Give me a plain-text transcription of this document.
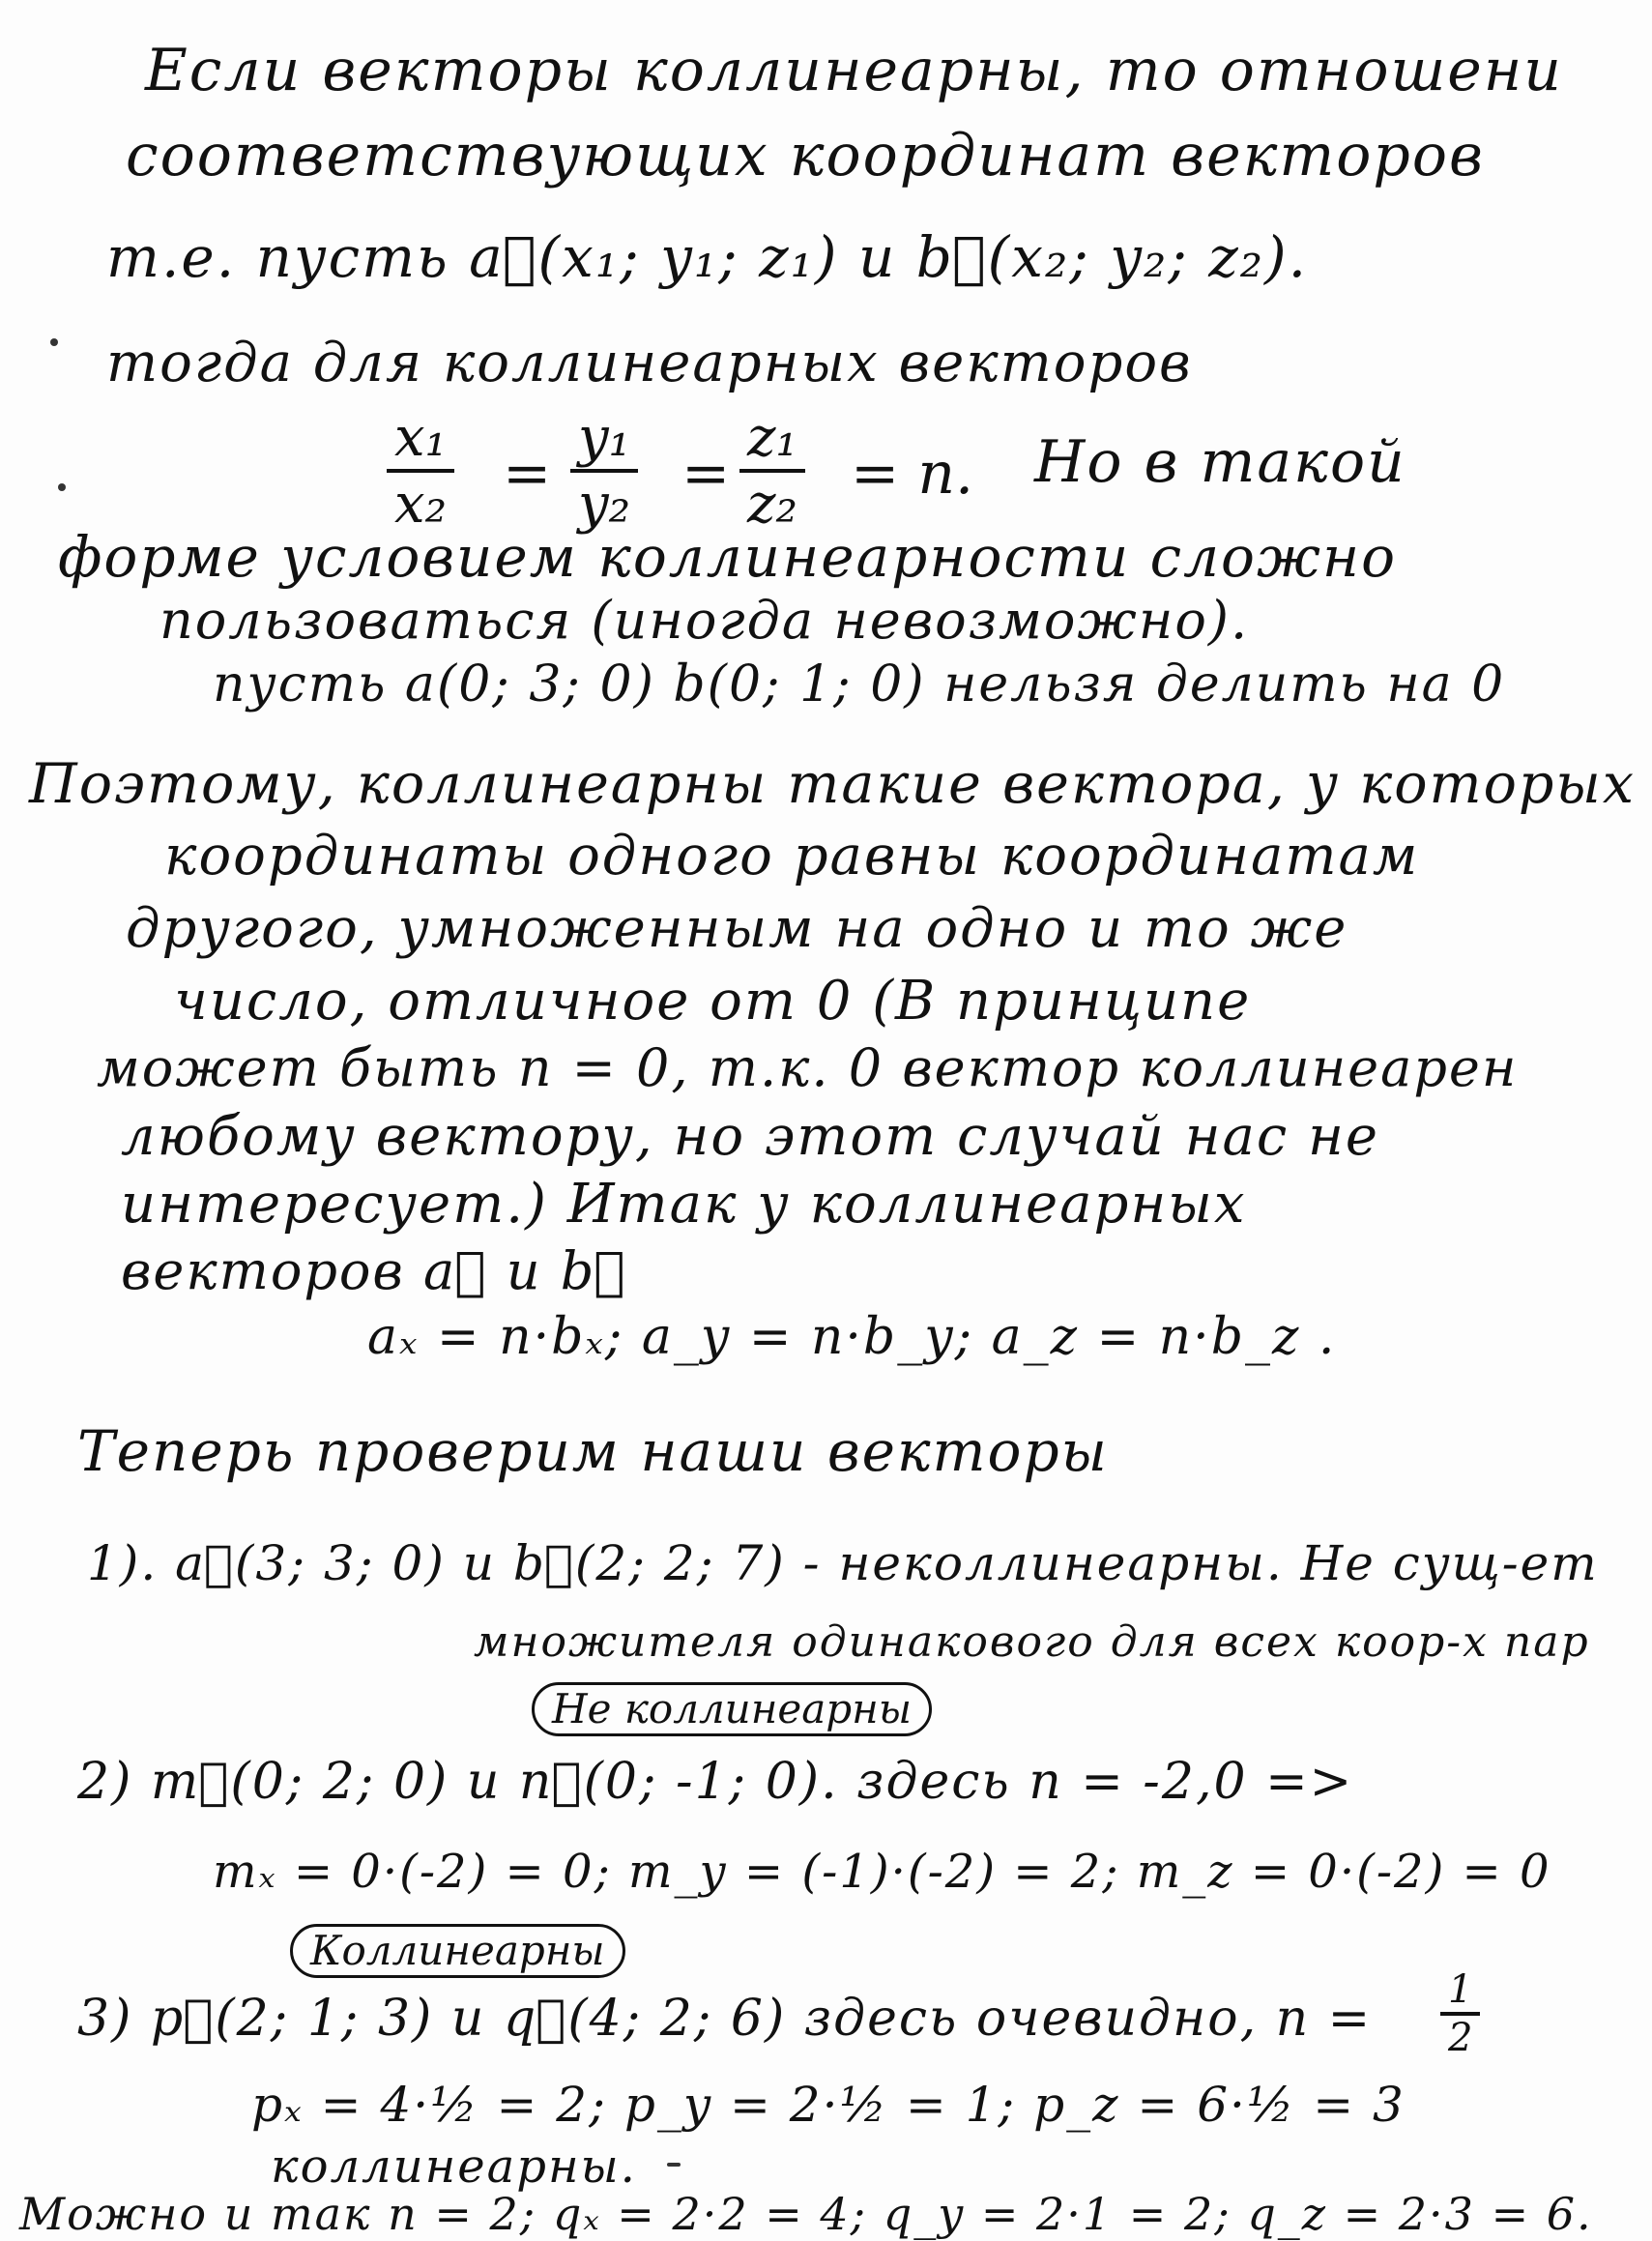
Если векторы коллинеарны, то отношени
соответствующих координат векторов
т.е. пусть a⃗(x₁; y₁; z₁) и b⃗(x₂; y₂; z₂).
тогда для коллинеарных векторов
$\frac{\text{x₁}}{\text{x₂}} = \frac{\text{y₁}}{\text{y₂}} = \frac{\text{z₁}}{\text{z₂}} = n$. Но в такой
форме условием коллинеарности сложно
пользоваться (иногда невозможно).
пусть a(0; 3; 0) b(0; 1; 0) нельзя делить на 0
Поэтому, коллинеарны такие вектора, у которых
координаты одного равны координатам
другого, умноженным на одно и то же
число, отличное от 0 (В принципе
может быть n = 0, т.к. 0 вектор коллинеарен
любому вектору, но этот случай нас не
интересует.) Итак у коллинеарных
векторов a⃗ и b⃗
aₓ = n·bₓ; a_y = n·b_y; a_z = n·b_z .
Теперь проверим наши векторы
1). a⃗(3; 3; 0) и b⃗(2; 2; 7) - неколлинеарны. Не сущ-ет
множителя одинакового для всех коор-х пар
Не коллинеарны
2) m⃗(0; 2; 0) и n⃗(0; -1; 0). здесь n = -2,0 =>
mₓ = 0·(-2) = 0; m_y = (-1)·(-2) = 2; m_z = 0·(-2) = 0
Коллинеарны
3) p⃗(2; 1; 3) и q⃗(4; 2; 6) здесь очевидно, $n = \frac{1}{2}$
pₓ = 4·½ = 2; p_y = 2·½ = 1; p_z = 6·½ = 3
коллинеарны.
Можно и так n = 2; qₓ = 2·2 = 4; q_y = 2·1 = 2; q_z = 2·3 = 6.
